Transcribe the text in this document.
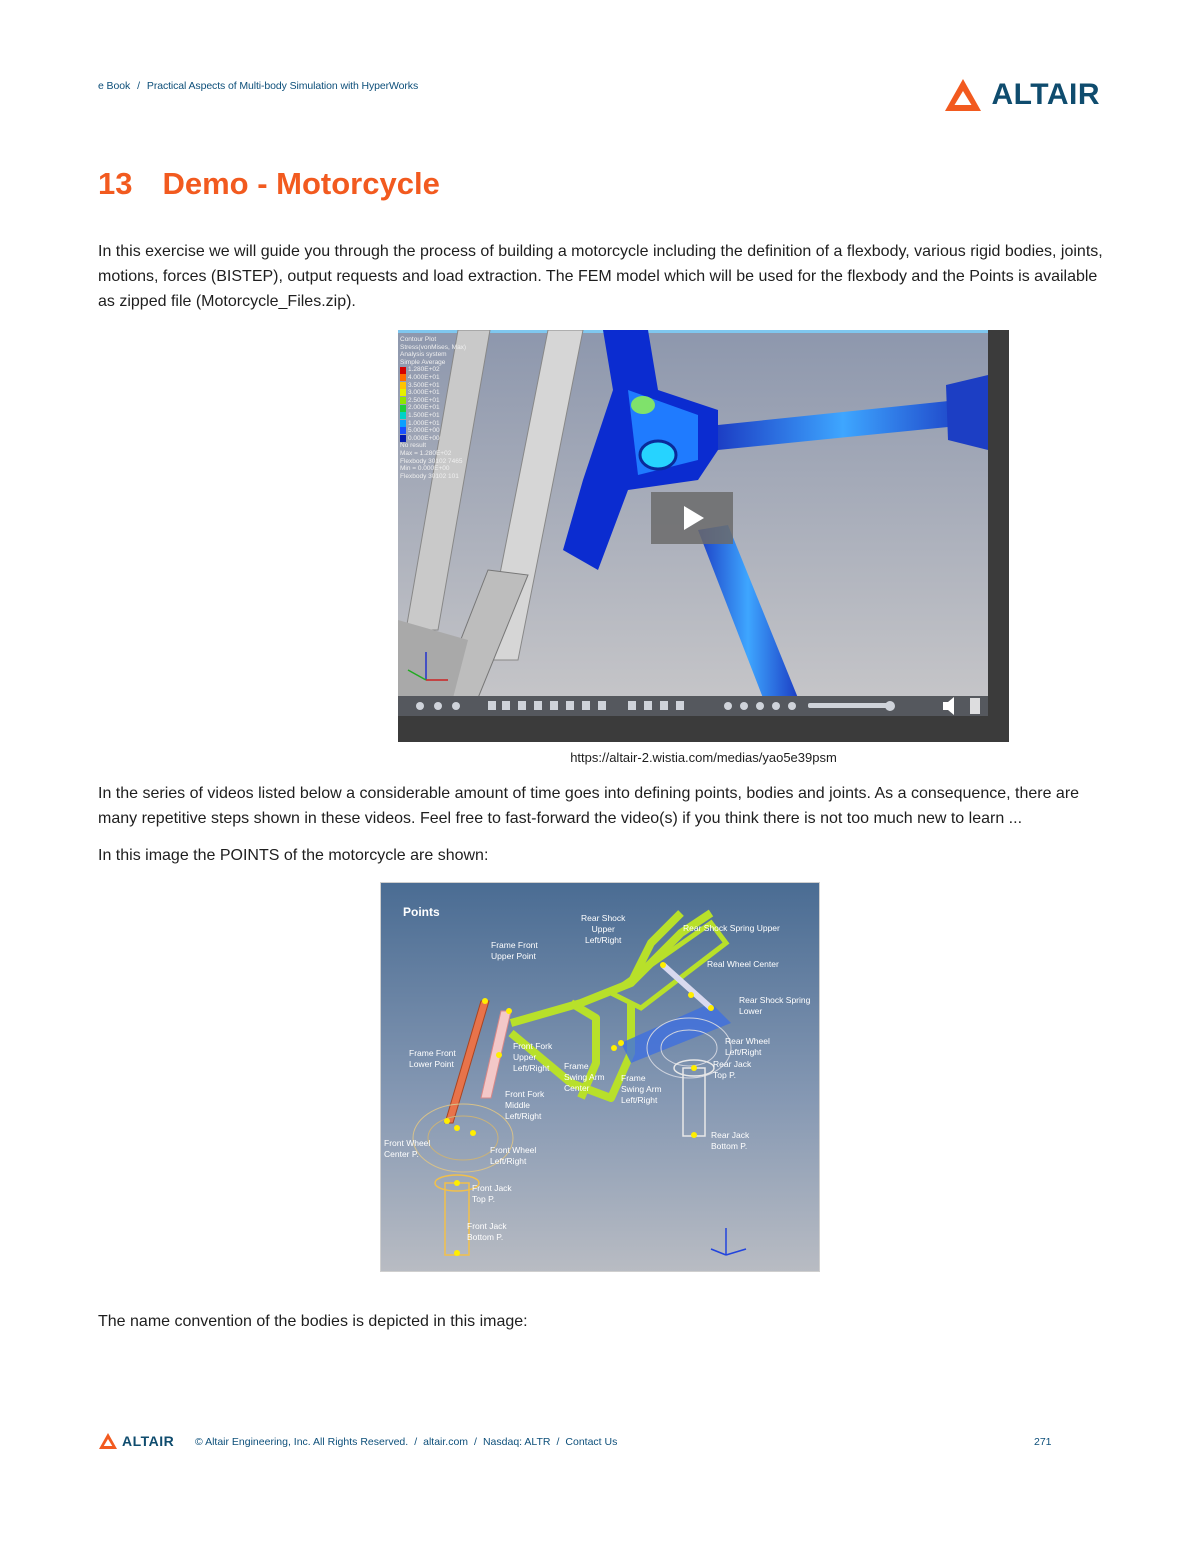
e Book / Practical Aspects of Multi-body Simulation with HyperWorks	ALTAIR
13 Demo - Motorcycle

In this exercise we will guide you through the process of building a motorcycle including the definition of a flexbody, various rigid bodies, joints, motions, forces (BISTEP), output requests and load extraction. The FEM model which will be used for the flexbody and the Points is available as zipped file (Motorcycle_Files.zip).

Contour Plot
Stress(vonMises, Max)
Analysis system
Simple Average
1.280E+02
4.000E+01
3.500E+01
3.000E+01
2.500E+01
2.000E+01
1.500E+01
1.000E+01
5.000E+00
0.000E+00
No result
Max = 1.280E+02
Flexbody 30102 7465
Min = 0.000E+00
Flexbody 30102 101
https://altair-2.wistia.com/medias/yao5e39psm

In the series of videos listed below a considerable amount of time goes into defining points, bodies and joints. As a consequence, there are many repetitive steps shown in these videos. Feel free to fast-forward the video(s) if you think there is not too much new to learn ...

In this image the POINTS of the motorcycle are shown:

Points	Rear Shock
Upper
Left/Right
Rear Shock Spring Upper
Frame Front
Upper Point
Real Wheel Center
Rear Shock Spring
Lower
Frame Front
Lower Point
Front Fork
Upper
Left/Right
Rear Wheel
Left/Right
Rear Jack
Top P.
Frame
Swing Arm
Center
Frame
Swing Arm
Left/Right
Front Fork
Middle
Left/Right
Rear Jack
Bottom P.
Front Wheel
Center P.	Front Wheel
Left/Right
Front Jack
Top P.
Front Jack
Bottom P.

The name convention of the bodies is depicted in this image:

ALTAIR © Altair Engineering, Inc. All Rights Reserved. / altair.com / Nasdaq: ALTR / Contact Us	271
